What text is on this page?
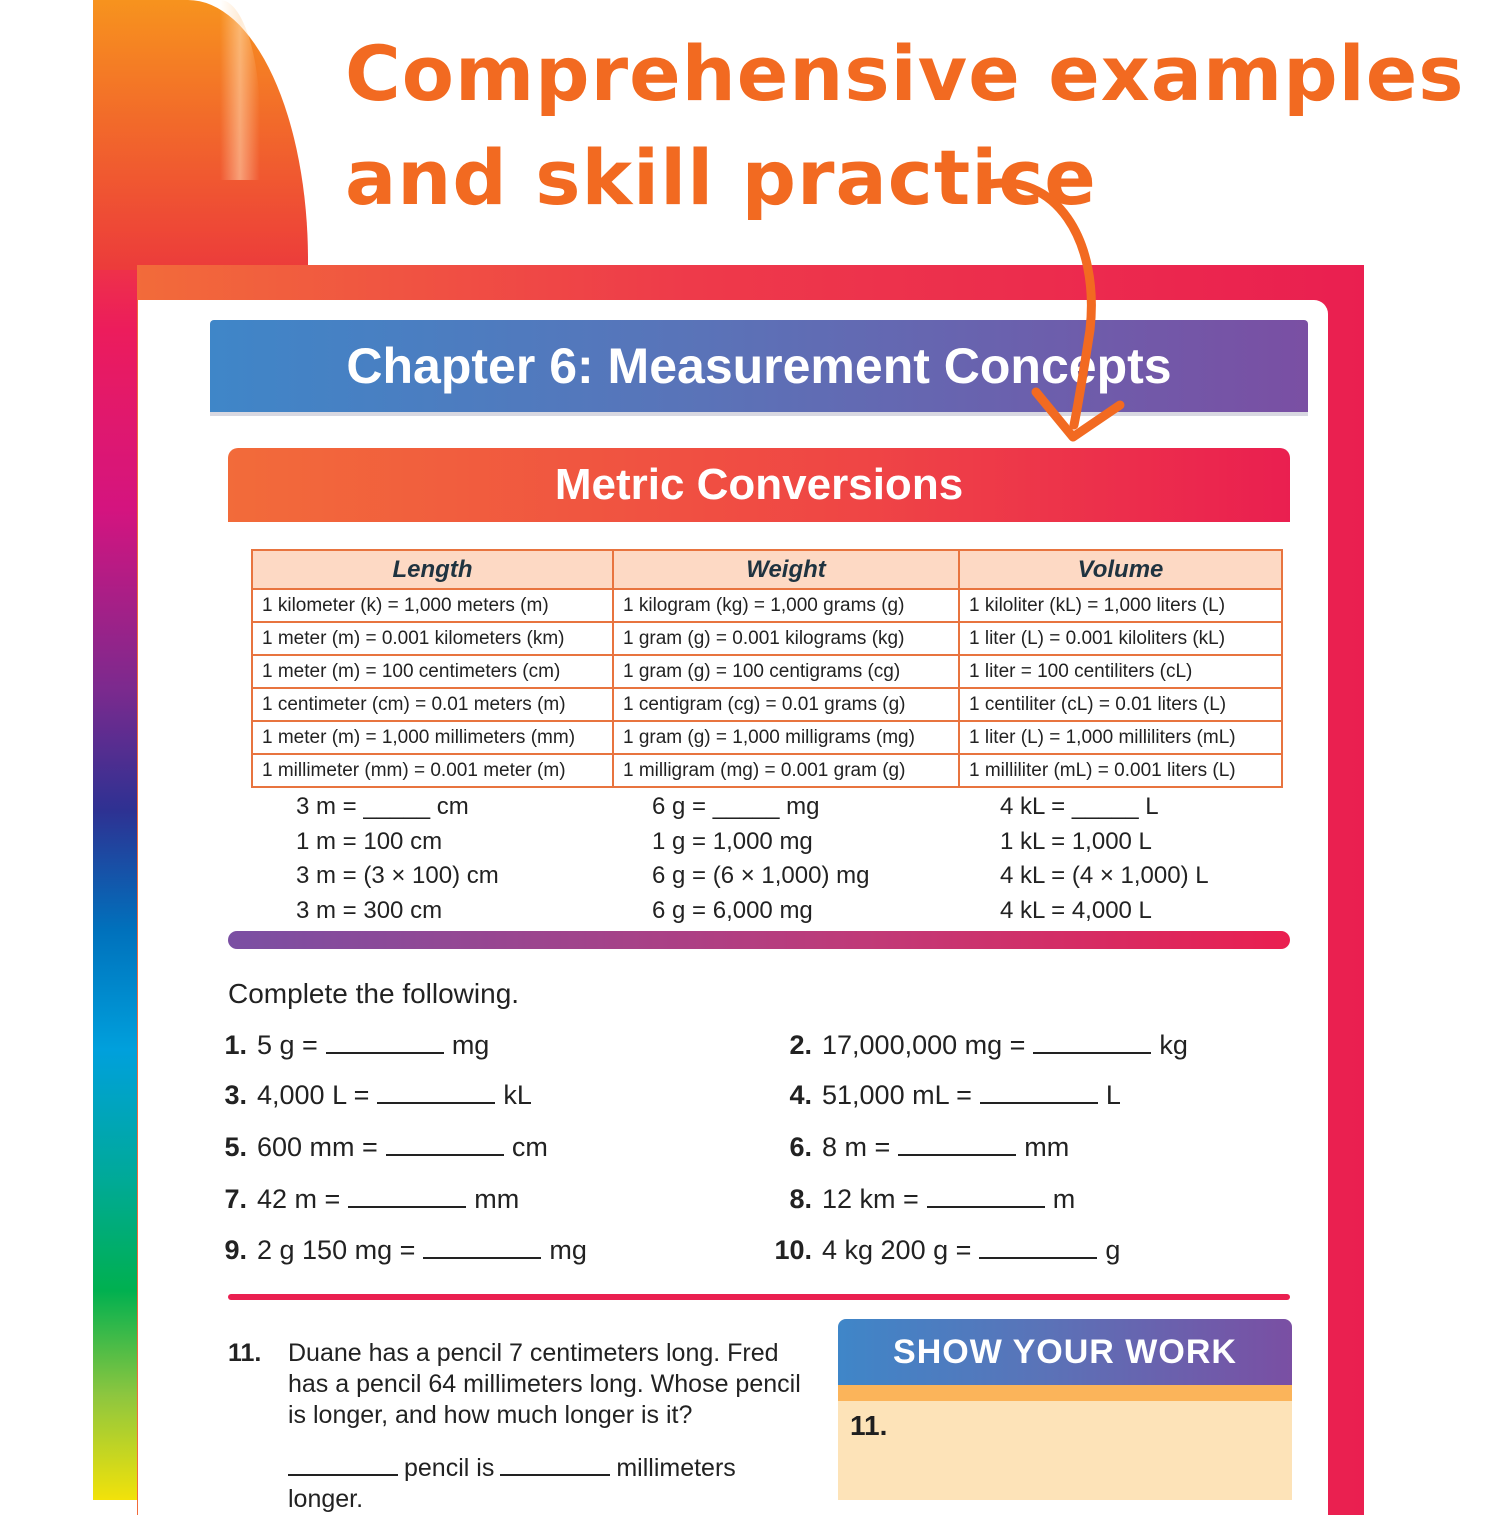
Comprehensive examples
and skill practice
Chapter 6: Measurement Concepts
Metric Conversions
Length	Weight	Volume
1 kilometer (k) = 1,000 meters (m)	1 kilogram (kg) = 1,000 grams (g)	1 kiloliter (kL) = 1,000 liters (L)
1 meter (m) = 0.001 kilometers (km)	1 gram (g) = 0.001 kilograms (kg)	1 liter (L) = 0.001 kiloliters (kL)
1 meter (m) = 100 centimeters (cm)	1 gram (g) = 100 centigrams (cg)	1 liter = 100 centiliters (cL)
1 centimeter (cm) = 0.01 meters (m)	1 centigram (cg) = 0.01 grams (g)	1 centiliter (cL) = 0.01 liters (L)
1 meter (m) = 1,000 millimeters (mm)	1 gram (g) = 1,000 milligrams (mg)	1 liter (L) = 1,000 milliliters (mL)
1 millimeter (mm) = 0.001 meter (m)	1 milligram (mg) = 0.001 gram (g)	1 milliliter (mL) = 0.001 liters (L)
3 m = _____ cm
1 m = 100 cm
3 m = (3 × 100) cm
3 m = 300 cm
6 g = _____ mg
1 g = 1,000 mg
6 g = (6 × 1,000) mg
6 g = 6,000 mg
4 kL = _____ L
1 kL = 1,000 L
4 kL = (4 × 1,000) L
4 kL = 4,000 L

Complete the following.

1. 5 g =	mg	2. 17,000,000 mg =	kg
3. 4,000 L =	kL	4. 51,000 mL =	L
5. 600 mm =	cm	6. 8 m =	mm
7. 42 m =	mm	8. 12 km =	m
9. 2 g 150 mg =	mg	10. 4 kg 200 g =	g
11. Duane has a pencil 7 centimeters long. Fred has a pencil 64 millimeters long. Whose pencil is longer, and how much longer is it?
pencil is	millimeters
longer.
SHOW YOUR WORK
11.
